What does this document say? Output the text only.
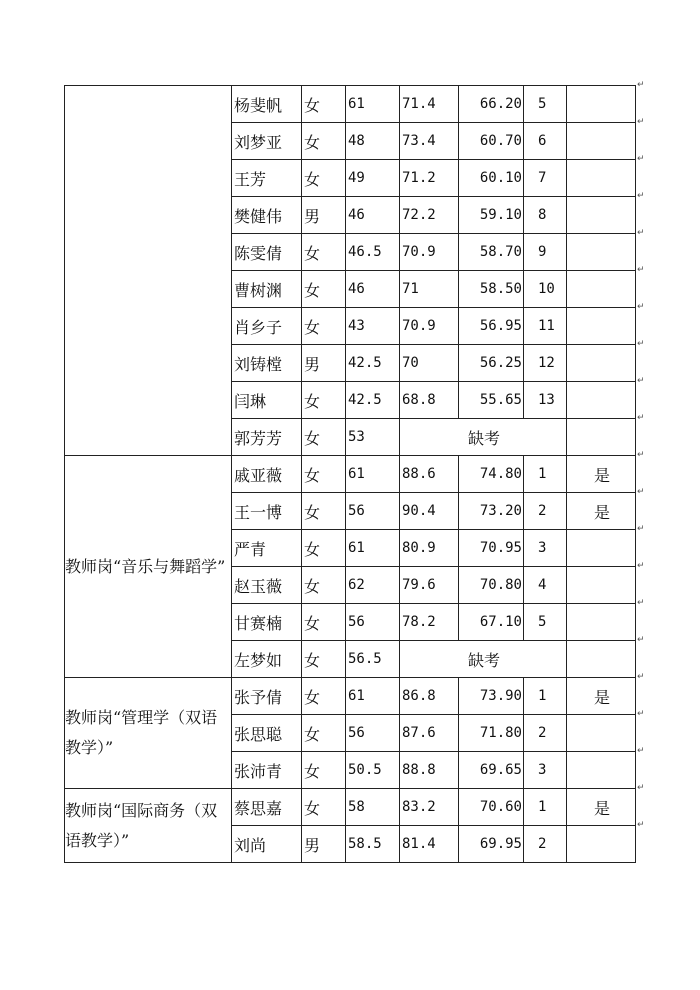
	杨斐帆	女	61	71.4	66.20	5	
	刘梦亚	女	48	73.4	60.70	6	
	王芳	女	49	71.2	60.10	7	
	樊健伟	男	46	72.2	59.10	8	
	陈雯倩	女	46.5	70.9	58.70	9	
	曹树渊	女	46	71	58.50	10	
	肖乡子	女	43	70.9	56.95	11	
	刘铸樘	男	42.5	70	56.25	12	
	闫琳	女	42.5	68.8	55.65	13	
	郭芳芳	女	53	缺考			
教师岗“音乐与舞蹈学”	戚亚薇	女	61	88.6	74.80	1	是
	王一博	女	56	90.4	73.20	2	是
	严青	女	61	80.9	70.95	3	
	赵玉薇	女	62	79.6	70.80	4	
	甘赛楠	女	56	78.2	67.10	5	
	左梦如	女	56.5	缺考			
教师岗“管理学（双语教学）”	张予倩	女	61	86.8	73.90	1	是
	张思聪	女	56	87.6	71.80	2	
	张沛青	女	50.5	88.8	69.65	3	
教师岗“国际商务（双语教学）”	蔡思嘉	女	58	83.2	70.60	1	是
	刘尚	男	58.5	81.4	69.95	2	
↵
↵
↵
↵
↵
↵
↵
↵
↵
↵
↵
↵
↵
↵
↵
↵
↵
↵
↵
↵
↵
